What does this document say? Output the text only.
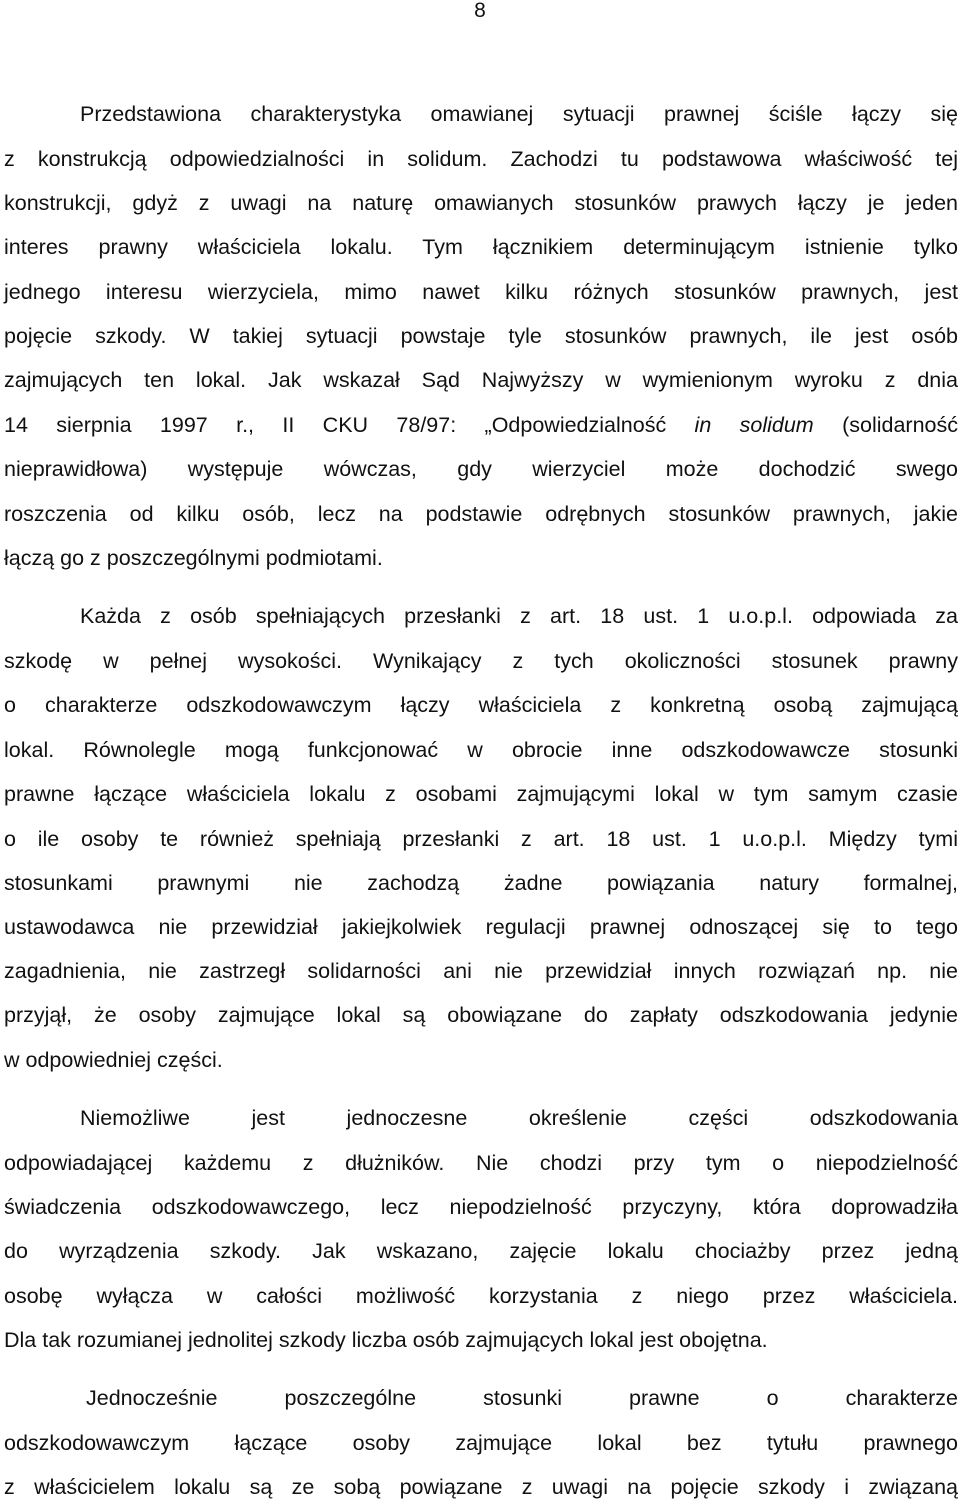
8
Przedstawiona charakterystyka omawianej sytuacji prawnej ściśle łączy się
z konstrukcją odpowiedzialności in solidum. Zachodzi tu podstawowa właściwość tej
konstrukcji, gdyż z uwagi na naturę omawianych stosunków prawych łączy je jeden
interes prawny właściciela lokalu. Tym łącznikiem determinującym istnienie tylko
jednego interesu wierzyciela, mimo nawet kilku różnych stosunków prawnych, jest
pojęcie szkody. W takiej sytuacji powstaje tyle stosunków prawnych, ile jest osób
zajmujących ten lokal. Jak wskazał Sąd Najwyższy w wymienionym wyroku z dnia
14 sierpnia 1997 r., II CKU 78/97: „Odpowiedzialność in solidum (solidarność
nieprawidłowa) występuje wówczas, gdy wierzyciel może dochodzić swego
roszczenia od kilku osób, lecz na podstawie odrębnych stosunków prawnych, jakie
łączą go z poszczególnymi podmiotami.
Każda z osób spełniających przesłanki z art. 18 ust. 1 u.o.p.l. odpowiada za
szkodę w pełnej wysokości. Wynikający z tych okoliczności stosunek prawny
o charakterze odszkodowawczym łączy właściciela z konkretną osobą zajmującą
lokal. Równolegle mogą funkcjonować w obrocie inne odszkodowawcze stosunki
prawne łączące właściciela lokalu z osobami zajmującymi lokal w tym samym czasie
o ile osoby te również spełniają przesłanki z art. 18 ust. 1 u.o.p.l. Między tymi
stosunkami prawnymi nie zachodzą żadne powiązania natury formalnej,
ustawodawca nie przewidział jakiejkolwiek regulacji prawnej odnoszącej się to tego
zagadnienia, nie zastrzegł solidarności ani nie przewidział innych rozwiązań np. nie
przyjął, że osoby zajmujące lokal są obowiązane do zapłaty odszkodowania jedynie
w odpowiedniej części.
Niemożliwe jest jednoczesne określenie części odszkodowania
odpowiadającej każdemu z dłużników. Nie chodzi przy tym o niepodzielność
świadczenia odszkodowawczego, lecz niepodzielność przyczyny, która doprowadziła
do wyrządzenia szkody. Jak wskazano, zajęcie lokalu chociażby przez jedną
osobę wyłącza w całości możliwość korzystania z niego przez właściciela.
Dla tak rozumianej jednolitej szkody liczba osób zajmujących lokal jest obojętna.
Jednocześnie poszczególne stosunki prawne o charakterze
odszkodowawczym łączące osoby zajmujące lokal bez tytułu prawnego
z właścicielem lokalu są ze sobą powiązane z uwagi na pojęcie szkody i związaną
